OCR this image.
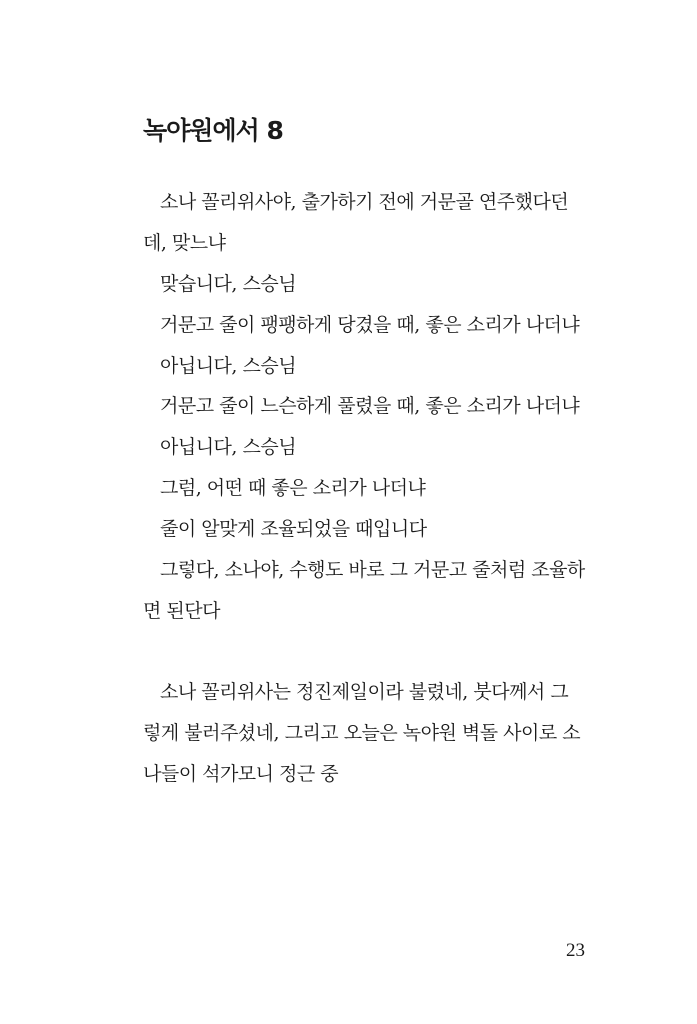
녹야원에서 8
소나 꼴리위사야, 출가하기 전에 거문골 연주했다던
데, 맞느냐
맞습니다, 스승님
거문고 줄이 팽팽하게 당겼을 때, 좋은 소리가 나더냐
아닙니다, 스승님
거문고 줄이 느슨하게 풀렸을 때, 좋은 소리가 나더냐
아닙니다, 스승님
그럼, 어떤 때 좋은 소리가 나더냐
줄이 알맞게 조율되었을 때입니다
그렇다, 소나야, 수행도 바로 그 거문고 줄처럼 조율하
면 된단다
소나 꼴리위사는 정진제일이라 불렸네, 붓다께서 그
렇게 불러주셨네, 그리고 오늘은 녹야원 벽돌 사이로 소
나들이 석가모니 정근 중
23
